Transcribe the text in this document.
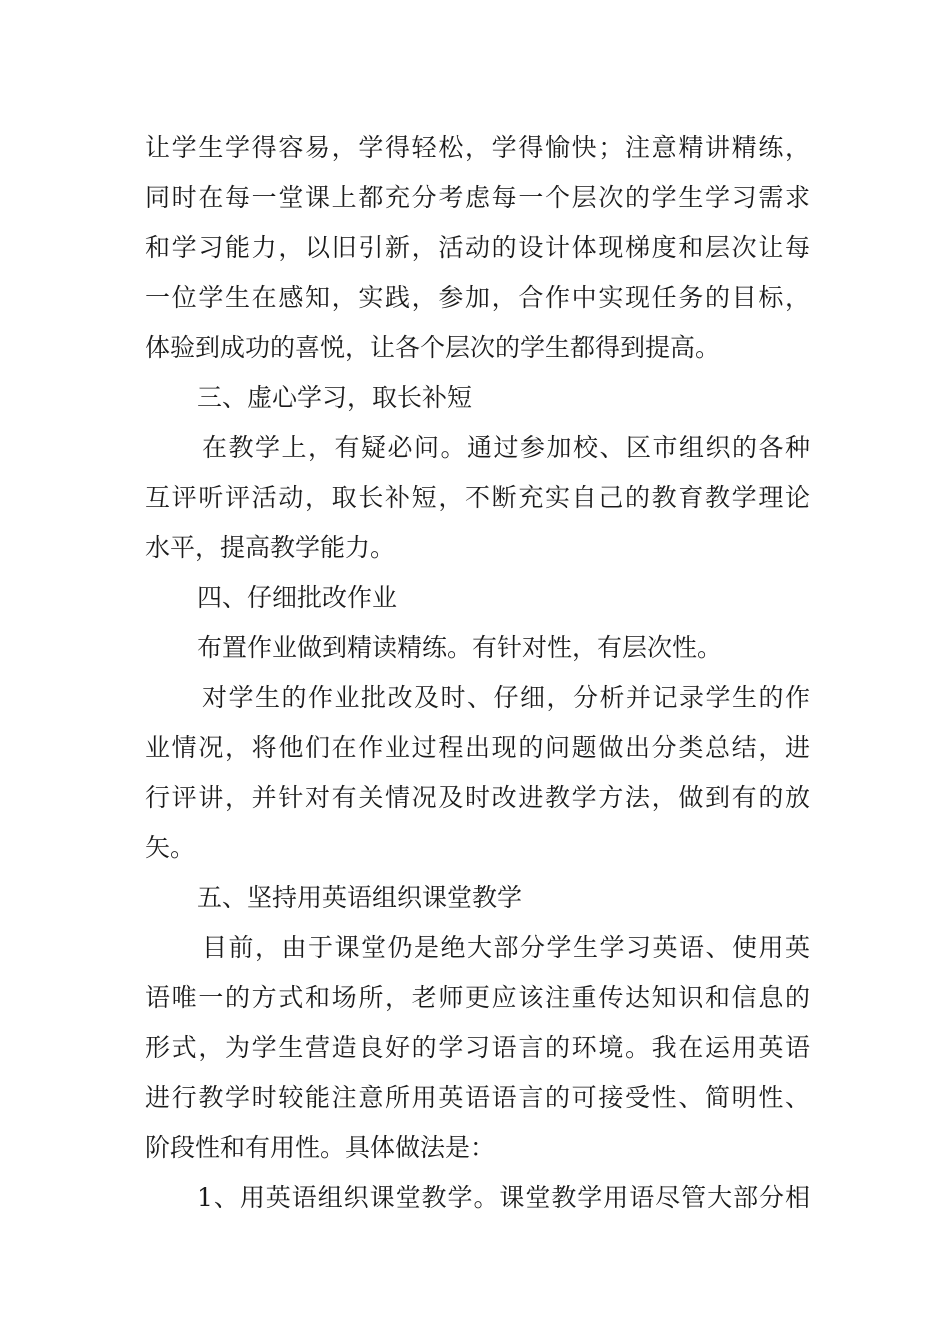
让学生学得容易，学得轻松，学得愉快；注意精讲精练，
同时在每一堂课上都充分考虑每一个层次的学生学习需求
和学习能力，以旧引新，活动的设计体现梯度和层次让每
一位学生在感知，实践，参加，合作中实现任务的目标，
体验到成功的喜悦，让各个层次的学生都得到提高。
三、虚心学习，取长补短
在教学上，有疑必问。通过参加校、区市组织的各种
互评听评活动，取长补短，不断充实自己的教育教学理论
水平，提高教学能力。
四、仔细批改作业
布置作业做到精读精练。有针对性，有层次性。
对学生的作业批改及时、仔细，分析并记录学生的作
业情况，将他们在作业过程出现的问题做出分类总结，进
行评讲，并针对有关情况及时改进教学方法，做到有的放
矢。
五、坚持用英语组织课堂教学
目前，由于课堂仍是绝大部分学生学习英语、使用英
语唯一的方式和场所，老师更应该注重传达知识和信息的
形式，为学生营造良好的学习语言的环境。我在运用英语
进行教学时较能注意所用英语语言的可接受性、简明性、
阶段性和有用性。具体做法是：
1、用英语组织课堂教学。课堂教学用语尽管大部分相
